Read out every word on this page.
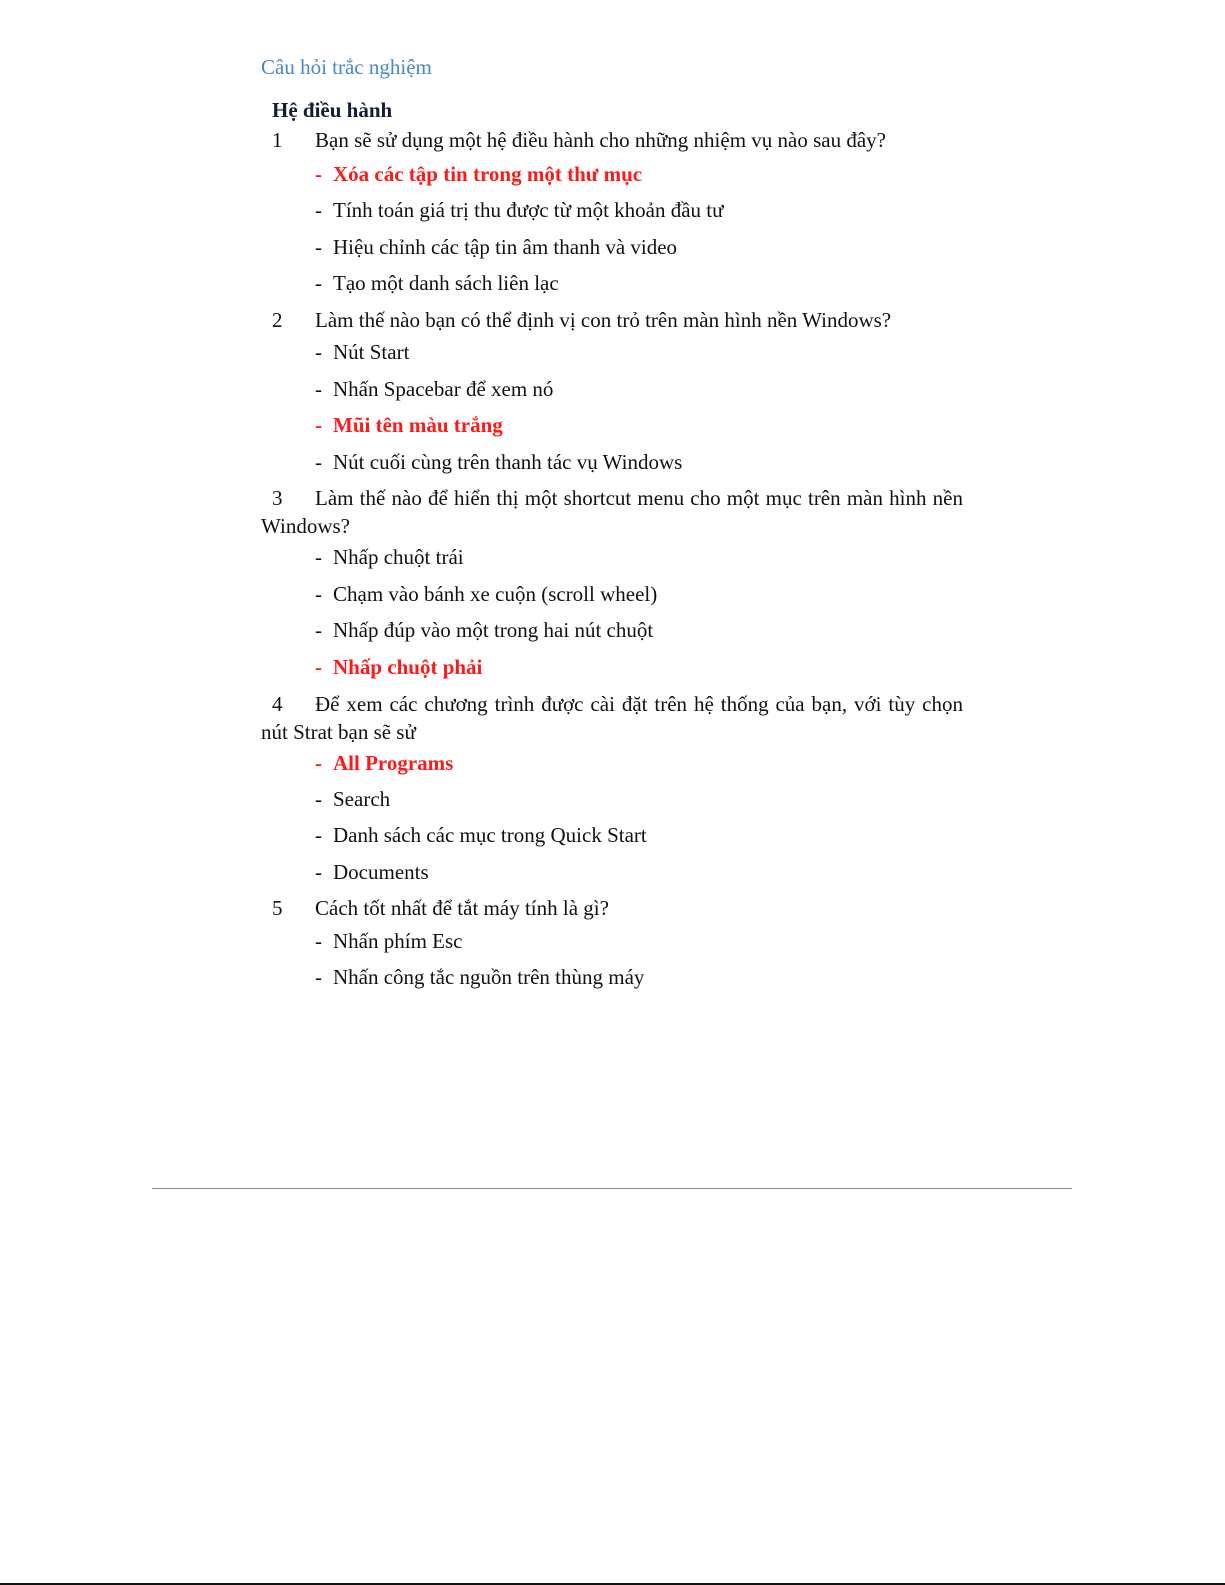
Câu hỏi trắc nghiệm
Hệ điều hành
1	Bạn sẽ sử dụng một hệ điều hành cho những nhiệm vụ nào sau đây?
- Xóa các tập tin trong một thư mục
- Tính toán giá trị thu được từ một khoản đầu tư
- Hiệu chỉnh các tập tin âm thanh và video
- Tạo một danh sách liên lạc
2	Làm thế nào bạn có thể định vị con trỏ trên màn hình nền Windows?
- Nút Start
- Nhấn Spacebar để xem nó
- Mũi tên màu trắng
- Nút cuối cùng trên thanh tác vụ Windows
3 Làm thế nào để hiển thị một shortcut menu cho một mục trên màn hình nền Windows?
- Nhấp chuột trái
- Chạm vào bánh xe cuộn (scroll wheel)
- Nhấp đúp vào một trong hai nút chuột
- Nhấp chuột phải
4 Để xem các chương trình được cài đặt trên hệ thống của bạn, với tùy chọn nút Strat bạn sẽ sử
- All Programs
- Search
- Danh sách các mục trong Quick Start
- Documents
5	Cách tốt nhất để tắt máy tính là gì?
- Nhấn phím Esc
- Nhấn công tắc nguồn trên thùng máy
